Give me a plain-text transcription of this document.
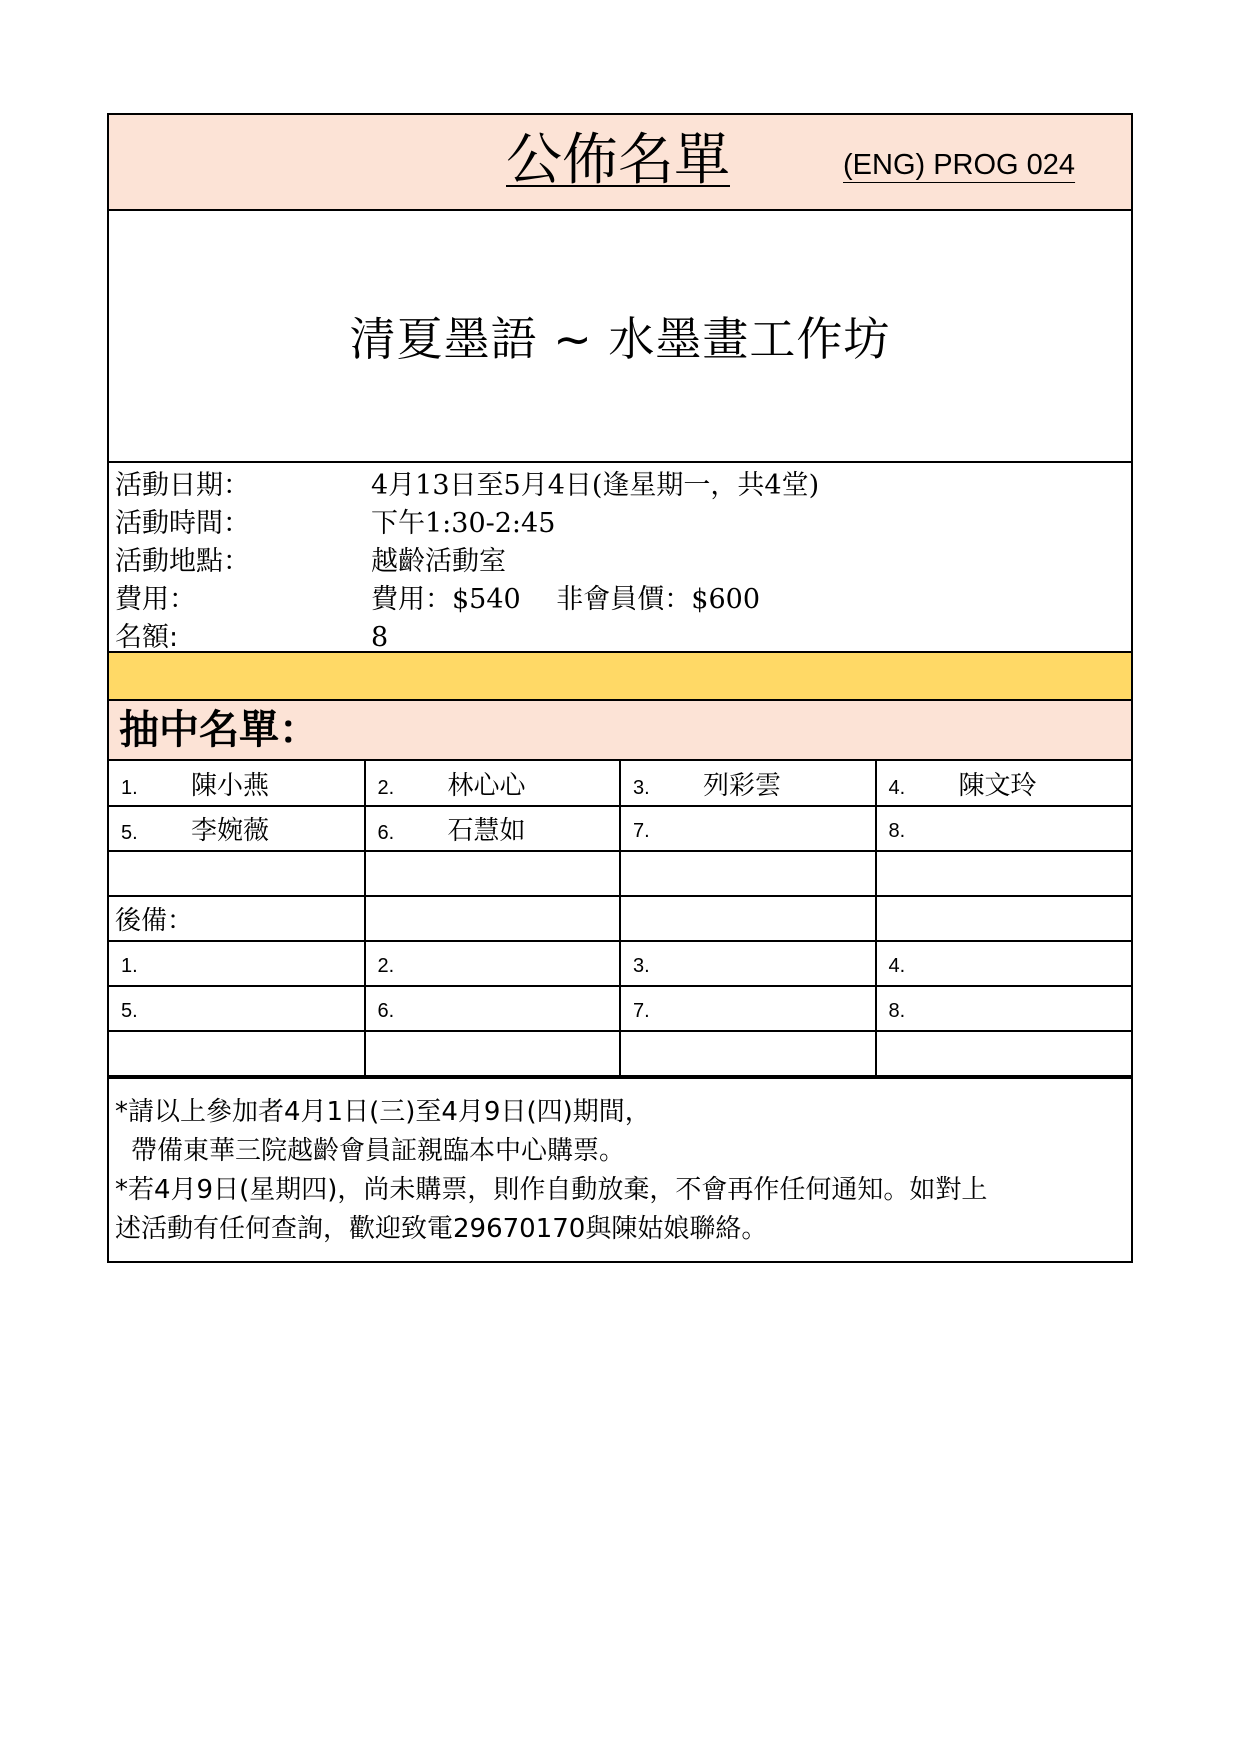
公佈名單	(ENG) PROG 024
清夏墨語 ~ 水墨畫工作坊
活動日期：	4月13日至5月4日(逢星期一，共4堂)
活動時間：	下午1:30-2:45
活動地點：	越齡活動室
費用：	費用：$540　 非會員價：$600
名額:	8
抽中名單：
1. 陳小燕	2. 林心心	3. 列彩雲	4. 陳文玲
5. 李婉薇	6. 石慧如	7.	8.

後備：			
1.	2.	3.	4.
5.	6.	7.	8.

*請以上參加者4月1日(三)至4月9日(四)期間，
帶備東華三院越齡會員証親臨本中心購票。
*若4月9日(星期四)，尚未購票，則作自動放棄，不會再作任何通知。如對上
述活動有任何查詢，歡迎致電29670170與陳姑娘聯絡。
